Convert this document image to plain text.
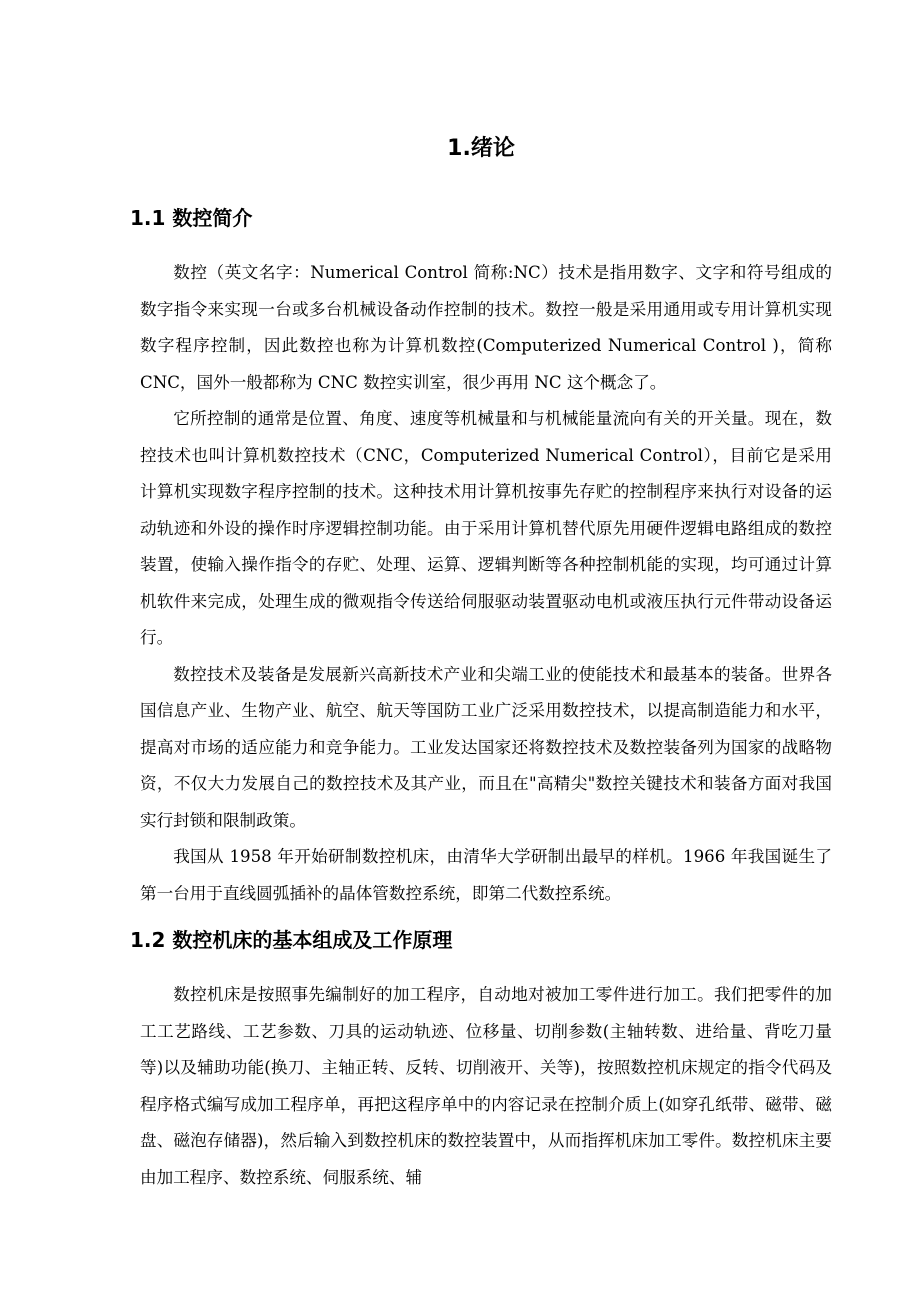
1.绪论
1.1 数控简介

数控（英文名字：Numerical Control 简称:NC）技术是指用数字、文字和符号组成的数字指令来实现一台或多台机械设备动作控制的技术。数控一般是采用通用或专用计算机实现数字程序控制，因此数控也称为计算机数控(Computerized Numerical Control )，简称 CNC，国外一般都称为 CNC 数控实训室，很少再用 NC 这个概念了。

它所控制的通常是位置、角度、速度等机械量和与机械能量流向有关的开关量。现在，数控技术也叫计算机数控技术（CNC，Computerized Numerical Control），目前它是采用计算机实现数字程序控制的技术。这种技术用计算机按事先存贮的控制程序来执行对设备的运动轨迹和外设的操作时序逻辑控制功能。由于采用计算机替代原先用硬件逻辑电路组成的数控装置，使输入操作指令的存贮、处理、运算、逻辑判断等各种控制机能的实现，均可通过计算机软件来完成，处理生成的微观指令传送给伺服驱动装置驱动电机或液压执行元件带动设备运行。

数控技术及装备是发展新兴高新技术产业和尖端工业的使能技术和最基本的装备。世界各国信息产业、生物产业、航空、航天等国防工业广泛采用数控技术，以提高制造能力和水平，提高对市场的适应能力和竞争能力。工业发达国家还将数控技术及数控装备列为国家的战略物资，不仅大力发展自己的数控技术及其产业，而且在"高精尖"数控关键技术和装备方面对我国实行封锁和限制政策。

我国从 1958 年开始研制数控机床，由清华大学研制出最早的样机。1966 年我国诞生了第一台用于直线圆弧插补的晶体管数控系统，即第二代数控系统。

1.2 数控机床的基本组成及工作原理

数控机床是按照事先编制好的加工程序，自动地对被加工零件进行加工。我们把零件的加工工艺路线、工艺参数、刀具的运动轨迹、位移量、切削参数(主轴转数、进给量、背吃刀量等)以及辅助功能(换刀、主轴正转、反转、切削液开、关等)，按照数控机床规定的指令代码及程序格式编写成加工程序单，再把这程序单中的内容记录在控制介质上(如穿孔纸带、磁带、磁盘、磁泡存储器)，然后输入到数控机床的数控装置中，从而指挥机床加工零件。数控机床主要由加工程序、数控系统、伺服系统、辅
